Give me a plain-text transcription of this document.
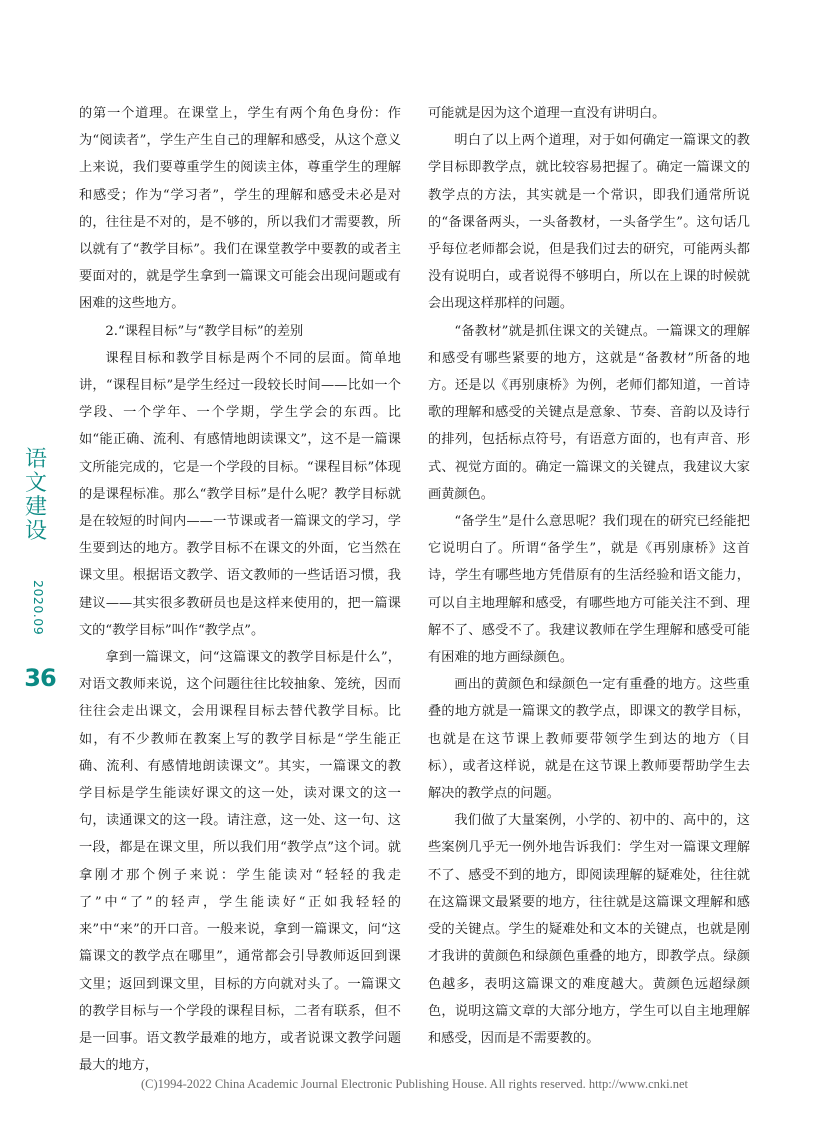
语
文
建
设
2020.09
36

的第一个道理。在课堂上，学生有两个角色身份：作为“阅读者”，学生产生自己的理解和感受，从这个意义上来说，我们要尊重学生的阅读主体，尊重学生的理解和感受；作为“学习者”，学生的理解和感受未必是对的，往往是不对的，是不够的，所以我们才需要教，所以就有了“教学目标”。我们在课堂教学中要教的或者主要面对的，就是学生拿到一篇课文可能会出现问题或有困难的这些地方。

2.“课程目标”与“教学目标”的差别

课程目标和教学目标是两个不同的层面。简单地讲，“课程目标”是学生经过一段较长时间——比如一个学段、一个学年、一个学期，学生学会的东西。比如“能正确、流利、有感情地朗读课文”，这不是一篇课文所能完成的，它是一个学段的目标。“课程目标”体现的是课程标准。那么“教学目标”是什么呢？教学目标就是在较短的时间内——一节课或者一篇课文的学习，学生要到达的地方。教学目标不在课文的外面，它当然在课文里。根据语文教学、语文教师的一些话语习惯，我建议——其实很多教研员也是这样来使用的，把一篇课文的“教学目标”叫作“教学点”。

拿到一篇课文，问“这篇课文的教学目标是什么”，对语文教师来说，这个问题往往比较抽象、笼统，因而往往会走出课文，会用课程目标去替代教学目标。比如，有不少教师在教案上写的教学目标是“学生能正确、流利、有感情地朗读课文”。其实，一篇课文的教学目标是学生能读好课文的这一处，读对课文的这一句，读通课文的这一段。请注意，这一处、这一句、这一段，都是在课文里，所以我们用“教学点”这个词。就拿刚才那个例子来说：学生能读对“轻轻的我走了”中“了”的轻声，学生能读好“正如我轻轻的来”中“来”的开口音。一般来说，拿到一篇课文，问“这篇课文的教学点在哪里”，通常都会引导教师返回到课文里；返回到课文里，目标的方向就对头了。一篇课文的教学目标与一个学段的课程目标，二者有联系，但不是一回事。语文教学最难的地方，或者说课文教学问题最大的地方，

可能就是因为这个道理一直没有讲明白。

明白了以上两个道理，对于如何确定一篇课文的教学目标即教学点，就比较容易把握了。确定一篇课文的教学点的方法，其实就是一个常识，即我们通常所说的“备课备两头，一头备教材，一头备学生”。这句话几乎每位老师都会说，但是我们过去的研究，可能两头都没有说明白，或者说得不够明白，所以在上课的时候就会出现这样那样的问题。

“备教材”就是抓住课文的关键点。一篇课文的理解和感受有哪些紧要的地方，这就是“备教材”所备的地方。还是以《再别康桥》为例，老师们都知道，一首诗歌的理解和感受的关键点是意象、节奏、音韵以及诗行的排列，包括标点符号，有语意方面的，也有声音、形式、视觉方面的。确定一篇课文的关键点，我建议大家画黄颜色。

“备学生”是什么意思呢？我们现在的研究已经能把它说明白了。所谓“备学生”，就是《再别康桥》这首诗，学生有哪些地方凭借原有的生活经验和语文能力，可以自主地理解和感受，有哪些地方可能关注不到、理解不了、感受不了。我建议教师在学生理解和感受可能有困难的地方画绿颜色。

画出的黄颜色和绿颜色一定有重叠的地方。这些重叠的地方就是一篇课文的教学点，即课文的教学目标，也就是在这节课上教师要带领学生到达的地方（目标），或者这样说，就是在这节课上教师要帮助学生去解决的教学点的问题。

我们做了大量案例，小学的、初中的、高中的，这些案例几乎无一例外地告诉我们：学生对一篇课文理解不了、感受不到的地方，即阅读理解的疑难处，往往就在这篇课文最紧要的地方，往往就是这篇课文理解和感受的关键点。学生的疑难处和文本的关键点，也就是刚才我讲的黄颜色和绿颜色重叠的地方，即教学点。绿颜色越多，表明这篇课文的难度越大。黄颜色远超绿颜色，说明这篇文章的大部分地方，学生可以自主地理解和感受，因而是不需要教的。

(C)1994-2022 China Academic Journal Electronic Publishing House. All rights reserved. http://www.cnki.net
